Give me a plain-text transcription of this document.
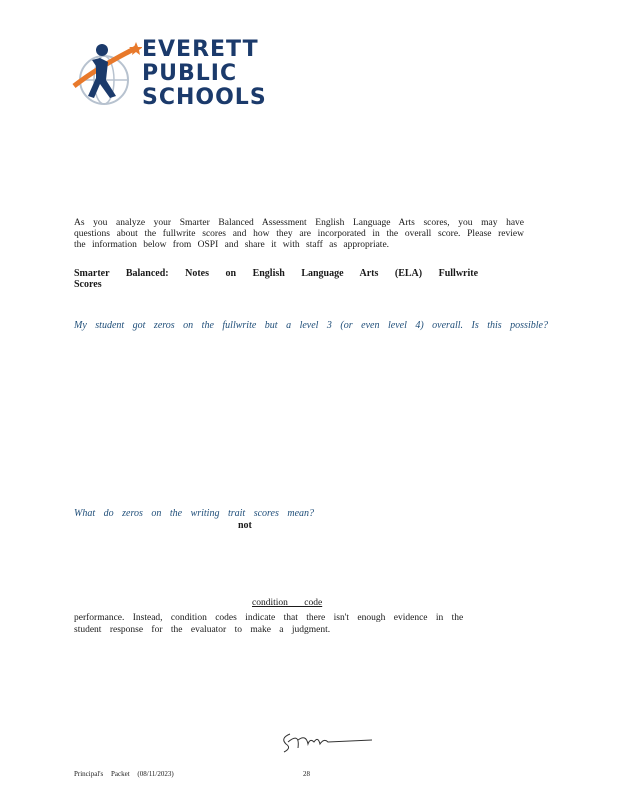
EVERETT
PUBLIC
SCHOOLS
As you analyze your Smarter Balanced Assessment English Language Arts scores, you may have questions about the fullwrite scores and how they are incorporated in the overall score. Please review the information below from OSPI and share it with staff as appropriate.
Smarter Balanced: Notes on English Language Arts (ELA) Fullwrite Scores
My student got zeros on the fullwrite but a level 3 (or even level 4) overall. Is this possible?
What do zeros on the writing trait scores mean?
not
condition code
performance. Instead, condition codes indicate that there isn't enough evidence in the student response for the evaluator to make a judgment.
Principal's Packet (08/11/2023)	28
